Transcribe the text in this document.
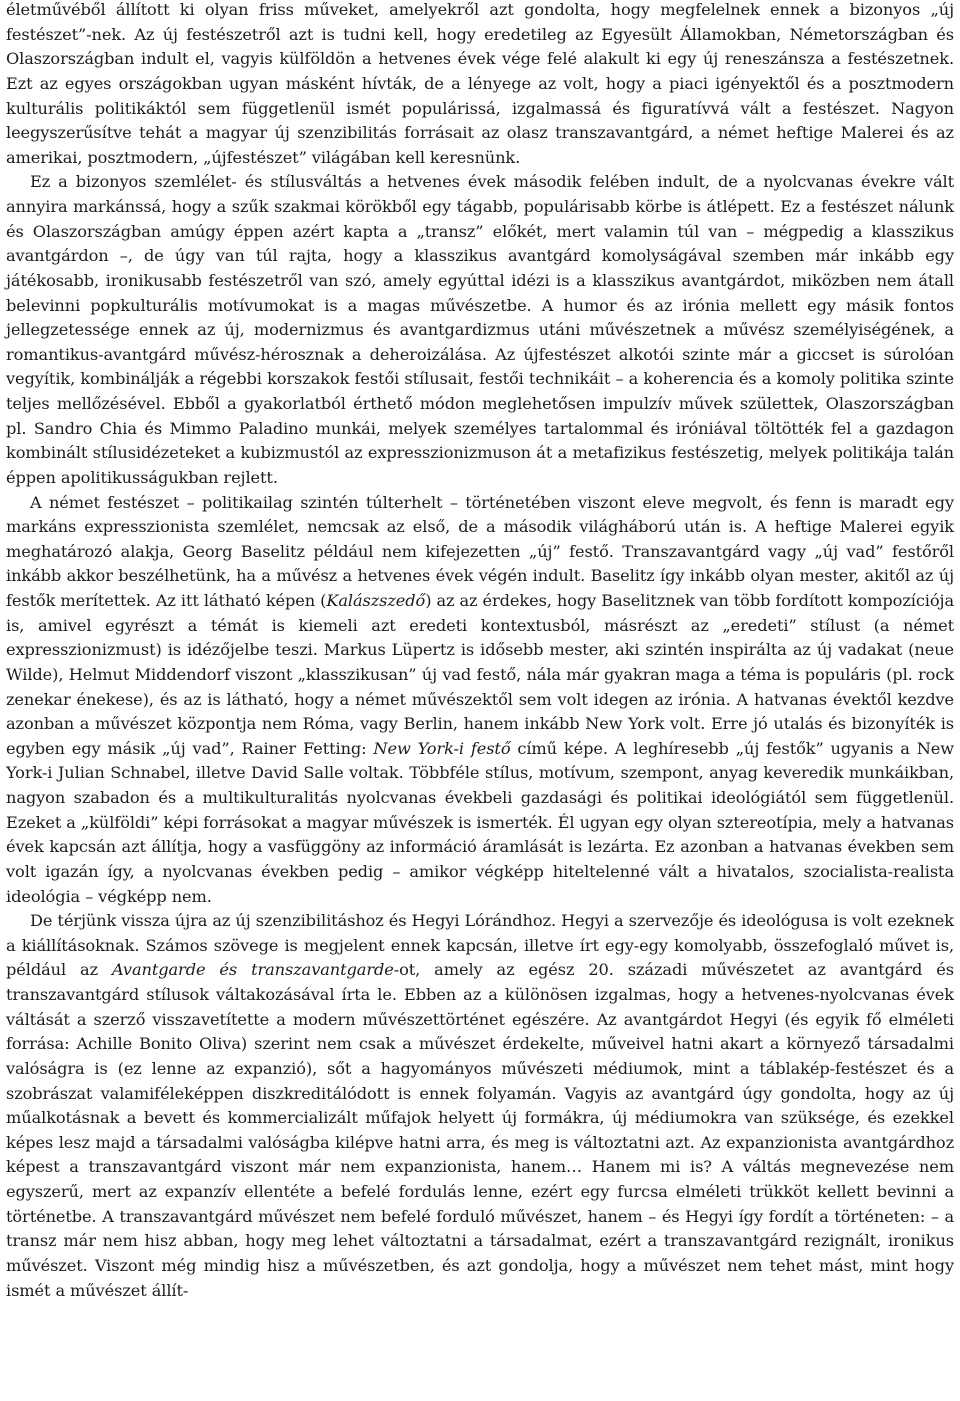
életművéből állított ki olyan friss műveket, amelyekről azt gondolta, hogy megfelelnek ennek a bizonyos „új festészet”-nek. Az új festészetről azt is tudni kell, hogy eredetileg az Egyesült Államokban, Németországban és Olaszországban indult el, vagyis külföldön a hetvenes évek vége felé alakult ki egy új reneszánsza a festészetnek. Ezt az egyes országokban ugyan másként hívták, de a lényege az volt, hogy a piaci igényektől és a posztmodern kulturális politikáktól sem függetlenül ismét populárissá, izgalmassá és figuratívvá vált a festészet. Nagyon leegyszerűsítve tehát a magyar új szenzibilitás forrásait az olasz transzavantgárd, a német heftige Malerei és az amerikai, posztmodern, „újfestészet” világában kell keresnünk.

Ez a bizonyos szemlélet- és stílusváltás a hetvenes évek második felében indult, de a nyolcvanas évekre vált annyira markánssá, hogy a szűk szakmai körökből egy tágabb, populárisabb körbe is átlépett. Ez a festészet nálunk és Olaszországban amúgy éppen azért kapta a „transz” előkét, mert valamin túl van – mégpedig a klasszikus avantgárdon –, de úgy van túl rajta, hogy a klasszikus avantgárd komolyságával szemben már inkább egy játékosabb, ironikusabb festészetről van szó, amely egyúttal idézi is a klasszikus avantgárdot, miközben nem átall belevinni popkulturális motívumokat is a magas művészetbe. A humor és az irónia mellett egy másik fontos jellegzetessége ennek az új, modernizmus és avantgardizmus utáni művészetnek a művész személyiségének, a romantikus-avantgárd művész-hérosznak a deheroizálása. Az újfestészet alkotói szinte már a giccset is súrolóan vegyítik, kombinálják a régebbi korszakok festői stílusait, festői technikáit – a koherencia és a komoly politika szinte teljes mellőzésével. Ebből a gyakorlatból érthető módon meglehetősen impulzív művek születtek, Olaszországban pl. Sandro Chia és Mimmo Paladino munkái, melyek személyes tartalommal és iróniával töltötték fel a gazdagon kombinált stílusidézeteket a kubizmustól az expresszionizmuson át a metafizikus festészetig, melyek politikája talán éppen apolitikusságukban rejlett.

A német festészet – politikailag szintén túlterhelt – történetében viszont eleve megvolt, és fenn is maradt egy markáns expresszionista szemlélet, nemcsak az első, de a második világháború után is. A heftige Malerei egyik meghatározó alakja, Georg Baselitz például nem kifejezetten „új” festő. Transzavantgárd vagy „új vad” festőről inkább akkor beszélhetünk, ha a művész a hetvenes évek végén indult. Baselitz így inkább olyan mester, akitől az új festők merítettek. Az itt látható képen (Kalászszedő) az az érdekes, hogy Baselitznek van több fordított kompozíciója is, amivel egyrészt a témát is kiemeli azt eredeti kontextusból, másrészt az „eredeti” stílust (a német expresszionizmust) is idézőjelbe teszi. Markus Lüpertz is idősebb mester, aki szintén inspirálta az új vadakat (neue Wilde), Helmut Middendorf viszont „klasszikusan” új vad festő, nála már gyakran maga a téma is populáris (pl. rock zenekar énekese), és az is látható, hogy a német művészektől sem volt idegen az irónia. A hatvanas évektől kezdve azonban a művészet központja nem Róma, vagy Berlin, hanem inkább New York volt. Erre jó utalás és bizonyíték is egyben egy másik „új vad”, Rainer Fetting: New York-i festő című képe. A leghíresebb „új festők” ugyanis a New York-i Julian Schnabel, illetve David Salle voltak. Többféle stílus, motívum, szempont, anyag keveredik munkáikban, nagyon szabadon és a multikulturalitás nyolcvanas évekbeli gazdasági és politikai ideológiától sem függetlenül. Ezeket a „külföldi” képi forrásokat a magyar művészek is ismerték. Él ugyan egy olyan sztereotípia, mely a hatvanas évek kapcsán azt állítja, hogy a vasfüggöny az információ áramlását is lezárta. Ez azonban a hatvanas években sem volt igazán így, a nyolcvanas években pedig – amikor végképp hiteltelenné vált a hivatalos, szocialista-realista ideológia – végképp nem.

De térjünk vissza újra az új szenzibilitáshoz és Hegyi Lórándhoz. Hegyi a szervezője és ideológusa is volt ezeknek a kiállításoknak. Számos szövege is megjelent ennek kapcsán, illetve írt egy-egy komolyabb, összefoglaló művet is, például az Avantgarde és transzavantgarde-ot, amely az egész 20. századi művészetet az avantgárd és transzavantgárd stílusok váltakozásával írta le. Ebben az a különösen izgalmas, hogy a hetvenes-nyolcvanas évek váltását a szerző visszavetítette a modern művészettörténet egészére. Az avantgárdot Hegyi (és egyik fő elméleti forrása: Achille Bonito Oliva) szerint nem csak a művészet érdekelte, műveivel hatni akart a környező társadalmi valóságra is (ez lenne az expanzió), sőt a hagyományos művészeti médiumok, mint a táblakép-festészet és a szobrászat valamiféleképpen diszkreditálódott is ennek folyamán. Vagyis az avantgárd úgy gondolta, hogy az új műalkotásnak a bevett és kommercializált műfajok helyett új formákra, új médiumokra van szüksége, és ezekkel képes lesz majd a társadalmi valóságba kilépve hatni arra, és meg is változtatni azt. Az expanzionista avantgárdhoz képest a transzavantgárd viszont már nem expanzionista, hanem… Hanem mi is? A váltás megnevezése nem egyszerű, mert az expanzív ellentéte a befelé fordulás lenne, ezért egy furcsa elméleti trükköt kellett bevinni a történetbe. A transzavantgárd művészet nem befelé forduló művészet, hanem – és Hegyi így fordít a történeten: – a transz már nem hisz abban, hogy meg lehet változtatni a társadalmat, ezért a transzavantgárd rezignált, ironikus művészet. Viszont még mindig hisz a művészetben, és azt gondolja, hogy a művészet nem tehet mást, mint hogy ismét a művészet állít-
